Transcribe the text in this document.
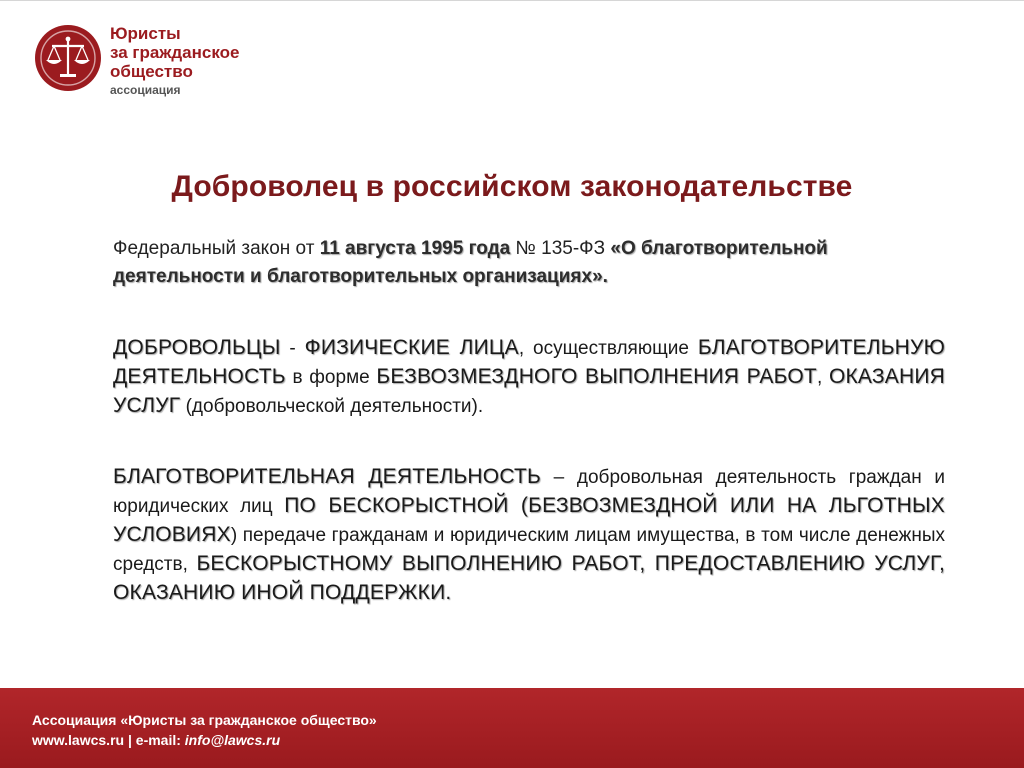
Юристы
за гражданское
общество
ассоциация
Доброволец в российском законодательстве
Федеральный закон от 11 августа 1995 года № 135-ФЗ «О благотворительной деятельности и благотворительных организациях».
ДОБРОВОЛЬЦЫ - ФИЗИЧЕСКИЕ ЛИЦА, осуществляющие БЛАГОТВОРИТЕЛЬНУЮ ДЕЯТЕЛЬНОСТЬ в форме БЕЗВОЗМЕЗДНОГО ВЫПОЛНЕНИЯ РАБОТ, ОКАЗАНИЯ УСЛУГ (добровольческой деятельности).
БЛАГОТВОРИТЕЛЬНАЯ ДЕЯТЕЛЬНОСТЬ – добровольная деятельность граждан и юридических лиц ПО БЕСКОРЫСТНОЙ (БЕЗВОЗМЕЗДНОЙ ИЛИ НА ЛЬГОТНЫХ УСЛОВИЯХ) передаче гражданам и юридическим лицам имущества, в том числе денежных средств, БЕСКОРЫСТНОМУ ВЫПОЛНЕНИЮ РАБОТ, ПРЕДОСТАВЛЕНИЮ УСЛУГ, ОКАЗАНИЮ ИНОЙ ПОДДЕРЖКИ.
Ассоциация «Юристы за гражданское общество»
www.lawcs.ru | e-mail: info@lawcs.ru
